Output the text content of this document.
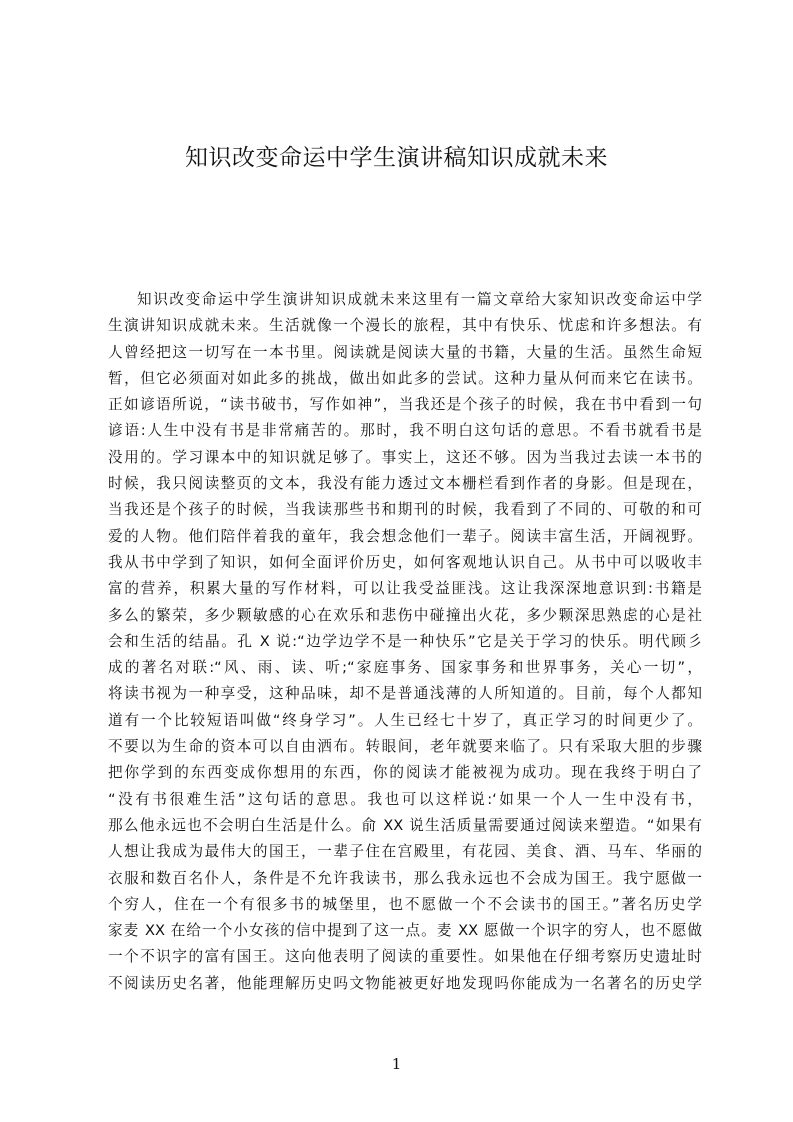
知识改变命运中学生演讲稿知识成就未来
知识改变命运中学生演讲知识成就未来这里有一篇文章给大家知识改变命运中学
生演讲知识成就未来。生活就像一个漫长的旅程，其中有快乐、忧虑和许多想法。有
人曾经把这一切写在一本书里。阅读就是阅读大量的书籍，大量的生活。虽然生命短
暂，但它必须面对如此多的挑战，做出如此多的尝试。这种力量从何而来它在读书。
正如谚语所说，“读书破书，写作如神”，当我还是个孩子的时候，我在书中看到一句
谚语:人生中没有书是非常痛苦的。那时，我不明白这句话的意思。不看书就看书是
没用的。学习课本中的知识就足够了。事实上，这还不够。因为当我过去读一本书的
时候，我只阅读整页的文本，我没有能力透过文本栅栏看到作者的身影。但是现在，
当我还是个孩子的时候，当我读那些书和期刊的时候，我看到了不同的、可敬的和可
爱的人物。他们陪伴着我的童年，我会想念他们一辈子。阅读丰富生活，开阔视野。
我从书中学到了知识，如何全面评价历史，如何客观地认识自己。从书中可以吸收丰
富的营养，积累大量的写作材料，可以让我受益匪浅。这让我深深地意识到:书籍是
多么的繁荣，多少颗敏感的心在欢乐和悲伤中碰撞出火花，多少颗深思熟虑的心是社
会和生活的结晶。孔 X 说:“边学边学不是一种快乐”它是关于学习的快乐。明代顾彡
成的著名对联:“风、雨、读、听;“家庭事务、国家事务和世界事务，关心一切”，
将读书视为一种享受，这种品味，却不是普通浅薄的人所知道的。目前，每个人都知
道有一个比较短语叫做“终身学习”。人生已经七十岁了，真正学习的时间更少了。
不要以为生命的资本可以自由洒布。转眼间，老年就要来临了。只有采取大胆的步骤
把你学到的东西变成你想用的东西，你的阅读才能被视为成功。现在我终于明白了
“没有书很难生活”这句话的意思。我也可以这样说:‘如果一个人一生中没有书，
那么他永远也不会明白生活是什么。俞 XX 说生活质量需要通过阅读来塑造。“如果有
人想让我成为最伟大的国王，一辈子住在宫殿里，有花园、美食、酒、马车、华丽的
衣服和数百名仆人，条件是不允许我读书，那么我永远也不会成为国王。我宁愿做一
个穷人，住在一个有很多书的城堡里，也不愿做一个不会读书的国王。”著名历史学
家麦 XX 在给一个小女孩的信中提到了这一点。麦 XX 愿做一个识字的穷人，也不愿做
一个不识字的富有国王。这向他表明了阅读的重要性。如果他在仔细考察历史遗址时
不阅读历史名著，他能理解历史吗文物能被更好地发现吗你能成为一名著名的历史学
1
